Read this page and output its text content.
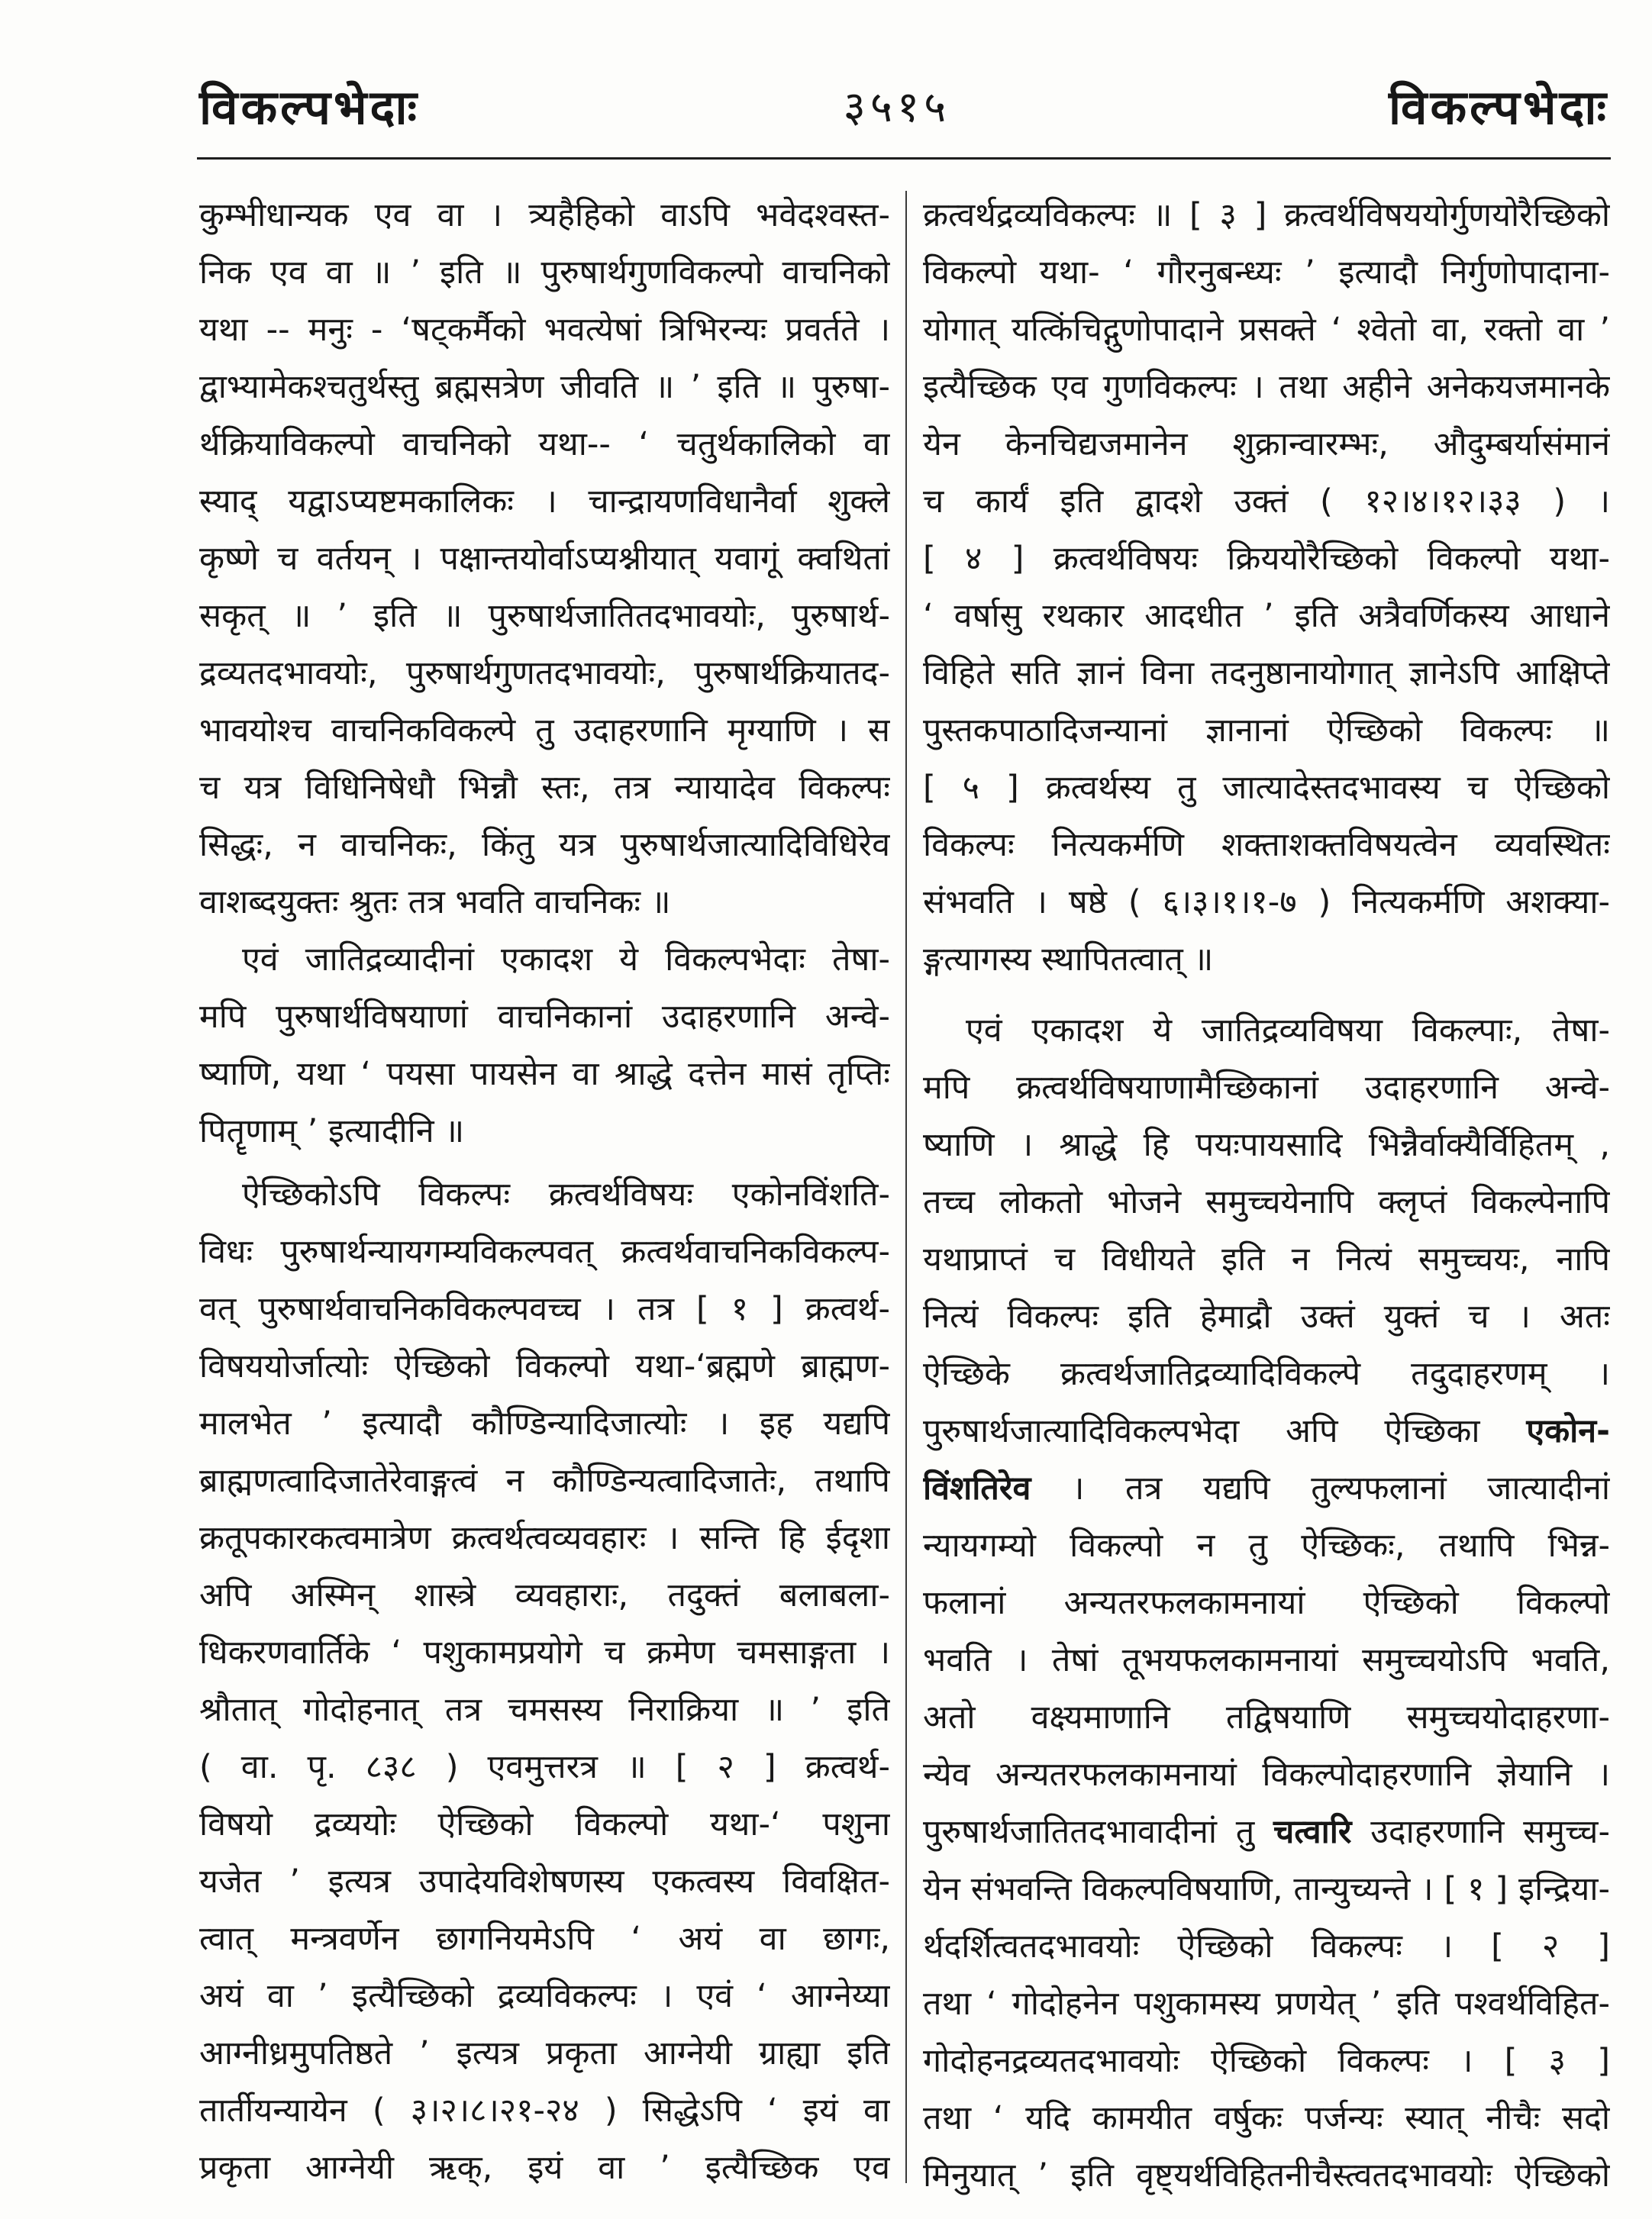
विकल्पभेदाः	३५१५	विकल्पभेदाः
कुम्भीधान्यक एव वा । त्र्यहैहिको वाऽपि भवेदश्वस्त-
निक एव वा ॥ ’ इति ॥ पुरुषार्थगुणविकल्पो वाचनिको
यथा -- मनुः - ‘षट्कर्मैको भवत्येषां त्रिभिरन्यः प्रवर्तते ।
द्वाभ्यामेकश्चतुर्थस्तु ब्रह्मसत्रेण जीवति ॥ ’ इति ॥ पुरुषा-
र्थक्रियाविकल्पो वाचनिको यथा-- ‘ चतुर्थकालिको वा
स्याद् यद्वाऽप्यष्टमकालिकः । चान्द्रायणविधानैर्वा शुक्ले
कृष्णे च वर्तयन् । पक्षान्तयोर्वाऽप्यश्नीयात् यवागूं क्वथितां
सकृत् ॥ ’ इति ॥ पुरुषार्थजातितदभावयोः, पुरुषार्थ-
द्रव्यतदभावयोः, पुरुषार्थगुणतदभावयोः, पुरुषार्थक्रियातद-
भावयोश्च वाचनिकविकल्पे तु उदाहरणानि मृग्याणि । स
च यत्र विधिनिषेधौ भिन्नौ स्तः, तत्र न्यायादेव विकल्पः
सिद्धः, न वाचनिकः, किंतु यत्र पुरुषार्थजात्यादिविधिरेव
वाशब्दयुक्तः श्रुतः तत्र भवति वाचनिकः ॥
एवं जातिद्रव्यादीनां एकादश ये विकल्पभेदाः तेषा-
मपि पुरुषार्थविषयाणां वाचनिकानां उदाहरणानि अन्वे-
ष्याणि, यथा ‘ पयसा पायसेन वा श्राद्धे दत्तेन मासं तृप्तिः
पितॄणाम् ’ इत्यादीनि ॥
ऐच्छिकोऽपि विकल्पः क्रत्वर्थविषयः एकोनविंशति-
विधः पुरुषार्थन्यायगम्यविकल्पवत् क्रत्वर्थवाचनिकविकल्प-
वत् पुरुषार्थवाचनिकविकल्पवच्च । तत्र [ १ ] क्रत्वर्थ-
विषययोर्जात्योः ऐच्छिको विकल्पो यथा-‘ब्रह्मणे ब्राह्मण-
मालभेत ’ इत्यादौ कौण्डिन्यादिजात्योः । इह यद्यपि
ब्राह्मणत्वादिजातेरेवाङ्गत्वं न कौण्डिन्यत्वादिजातेः, तथापि
क्रतूपकारकत्वमात्रेण क्रत्वर्थत्वव्यवहारः । सन्ति हि ईदृशा
अपि अस्मिन् शास्त्रे व्यवहाराः, तदुक्तं बलाबला-
धिकरणवार्तिके ‘ पशुकामप्रयोगे च क्रमेण चमसाङ्गता ।
श्रौतात् गोदोहनात् तत्र चमसस्य निराक्रिया ॥ ’ इति
( वा. पृ. ८३८ ) एवमुत्तरत्र ॥ [ २ ] क्रत्वर्थ-
विषयो द्रव्ययोः ऐच्छिको विकल्पो यथा-‘ पशुना
यजेत ’ इत्यत्र उपादेयविशेषणस्य एकत्वस्य विवक्षित-
त्वात् मन्त्रवर्णेन छागनियमेऽपि ‘ अयं वा छागः,
अयं वा ’ इत्यैच्छिको द्रव्यविकल्पः । एवं ‘ आग्नेय्या
आग्नीध्रमुपतिष्ठते ’ इत्यत्र प्रकृता आग्नेयी ग्राह्या इति
तार्तीयन्यायेन ( ३।२।८।२१-२४ ) सिद्धेऽपि ‘ इयं वा
प्रकृता आग्नेयी ऋक्, इयं वा ’ इत्यैच्छिक एव
क्रत्वर्थद्रव्यविकल्पः ॥ [ ३ ] क्रत्वर्थविषययोर्गुणयोरैच्छिको
विकल्पो यथा- ‘ गौरनुबन्ध्यः ’ इत्यादौ निर्गुणोपादाना-
योगात् यत्किंचिद्गुणोपादाने प्रसक्ते ‘ श्वेतो वा, रक्तो वा ’
इत्यैच्छिक एव गुणविकल्पः । तथा अहीने अनेकयजमानके
येन केनचिद्यजमानेन शुक्रान्वारम्भः, औदुम्बर्यासंमानं
च कार्यं इति द्वादशे उक्तं ( १२।४।१२।३३ ) ।
[ ४ ] क्रत्वर्थविषयः क्रिययोरैच्छिको विकल्पो यथा-
‘ वर्षासु रथकार आदधीत ’ इति अत्रैवर्णिकस्य आधाने
विहिते सति ज्ञानं विना तदनुष्ठानायोगात् ज्ञानेऽपि आक्षिप्ते
पुस्तकपाठादिजन्यानां ज्ञानानां ऐच्छिको विकल्पः ॥
[ ५ ] क्रत्वर्थस्य तु जात्यादेस्तदभावस्य च ऐच्छिको
विकल्पः नित्यकर्मणि शक्ताशक्तविषयत्वेन व्यवस्थितः
संभवति । षष्ठे ( ६।३।१।१-७ ) नित्यकर्मणि अशक्या-
ङ्गत्यागस्य स्थापितत्वात् ॥
एवं एकादश ये जातिद्रव्यविषया विकल्पाः, तेषा-
मपि क्रत्वर्थविषयाणामैच्छिकानां उदाहरणानि अन्वे-
ष्याणि । श्राद्धे हि पयःपायसादि भिन्नैर्वाक्यैर्विहितम् ,
तच्च लोकतो भोजने समुच्चयेनापि क्लृप्तं विकल्पेनापि
यथाप्राप्तं च विधीयते इति न नित्यं समुच्चयः, नापि
नित्यं विकल्पः इति हेमाद्रौ उक्तं युक्तं च । अतः
ऐच्छिके क्रत्वर्थजातिद्रव्यादिविकल्पे तदुदाहरणम् ।
पुरुषार्थजात्यादिविकल्पभेदा अपि ऐच्छिका एकोन-
विंशतिरेव । तत्र यद्यपि तुल्यफलानां जात्यादीनां
न्यायगम्यो विकल्पो न तु ऐच्छिकः, तथापि भिन्न-
फलानां अन्यतरफलकामनायां ऐच्छिको विकल्पो
भवति । तेषां तूभयफलकामनायां समुच्चयोऽपि भवति,
अतो वक्ष्यमाणानि तद्विषयाणि समुच्चयोदाहरणा-
न्येव अन्यतरफलकामनायां विकल्पोदाहरणानि ज्ञेयानि ।
पुरुषार्थजातितदभावादीनां तु चत्वारि उदाहरणानि समुच्च-
येन संभवन्ति विकल्पविषयाणि, तान्युच्यन्ते । [ १ ] इन्द्रिया-
र्थदर्शित्वतदभावयोः ऐच्छिको विकल्पः । [ २ ]
तथा ‘ गोदोहनेन पशुकामस्य प्रणयेत् ’ इति पश्वर्थविहित-
गोदोहनद्रव्यतदभावयोः ऐच्छिको विकल्पः । [ ३ ]
तथा ‘ यदि कामयीत वर्षुकः पर्जन्यः स्यात् नीचैः सदो
मिनुयात् ’ इति वृष्ट्यर्थविहितनीचैस्त्वतदभावयोः ऐच्छिको
